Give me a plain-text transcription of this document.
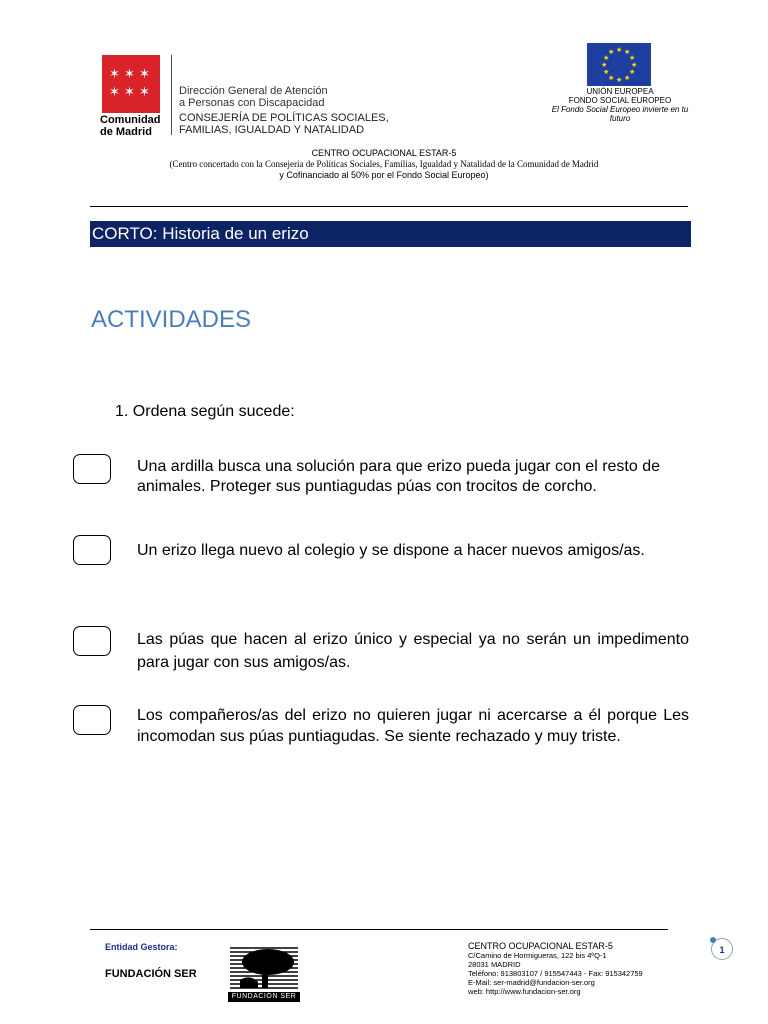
✶ ✶ ✶
✶ ✶ ✶
Comunidad
de Madrid
Dirección General de Atención
a Personas con Discapacidad
CONSEJERÍA DE POLÍTICAS SOCIALES,
FAMILIAS, IGUALDAD Y NATALIDAD
★ ★
★
★
★
★
★
★
★
★
★
★
UNIÓN EUROPEA
FONDO SOCIAL EUROPEO
El Fondo Social Europeo invierte en tu futuro
CENTRO OCUPACIONAL ESTAR-5
(Centro concertado con la Consejería de Políticas Sociales, Familias, Igualdad y Natalidad de la Comunidad de Madrid
y Cofinanciado al 50% por el Fondo Social Europeo)
CORTO: Historia de un erizo
ACTIVIDADES
1. Ordena según sucede:
Una ardilla busca una solución para que erizo pueda jugar con el resto de animales. Proteger sus puntiagudas púas con trocitos de corcho.
Un erizo llega nuevo al colegio y se dispone a hacer nuevos amigos/as.
Las púas que hacen al erizo único y especial ya no serán un impedimento para jugar con sus amigos/as.
Los compañeros/as del erizo no quieren jugar ni acercarse a él porque Les incomodan sus púas puntiagudas. Se siente rechazado y muy triste.
Entidad Gestora:
FUNDACIÓN SER
FUNDACIÓN SER
CENTRO OCUPACIONAL ESTAR-5
C/Camino de Hormigueras, 122 bis 4ºQ-1
28031 MADRID
Teléfono: 913803107 / 915547443 - Fax: 915342759
E-Mail: ser-madrid@fundacion-ser.org
web: http://www.fundacion-ser.org
1
